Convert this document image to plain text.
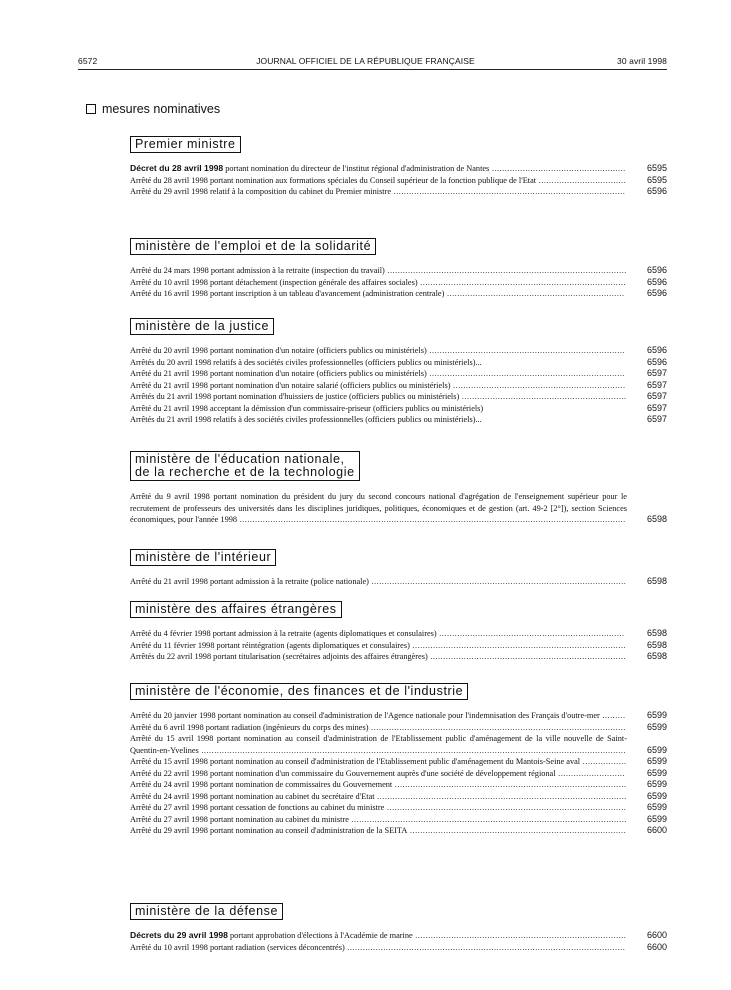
6572	JOURNAL OFFICIEL DE LA RÉPUBLIQUE FRANÇAISE	30 avril 1998
mesures nominatives
Premier ministre
Décret du 28 avril 1998 portant nomination du directeur de l'institut régional d'administration de Nantes ....................................................	6595
Arrêté du 28 avril 1998 portant nomination aux formations spéciales du Conseil supérieur de la fonction publique de l'Etat ..................................	6595
Arrêté du 29 avril 1998 relatif à la composition du cabinet du Premier ministre ..........................................................................................	6596
ministère de l'emploi et de la solidarité
Arrêté du 24 mars 1998 portant admission à la retraite (inspection du travail) .............................................................................................	6596
Arrêté du 10 avril 1998 portant détachement (inspection générale des affaires sociales) ................................................................................	6596
Arrêté du 16 avril 1998 portant inscription à un tableau d'avancement (administration centrale) .....................................................................	6596
ministère de la justice
Arrêté du 20 avril 1998 portant nomination d'un notaire (officiers publics ou ministériels) ............................................................................	6596
Arrêtés du 20 avril 1998 relatifs à des sociétés civiles professionnelles (officiers publics ou ministériels)...	6596
Arrêté du 21 avril 1998 portant nomination d'un notaire (officiers publics ou ministériels) ............................................................................	6597
Arrêté du 21 avril 1998 portant nomination d'un notaire salarié (officiers publics ou ministériels) ...................................................................	6597
Arrêtés du 21 avril 1998 portant nomination d'huissiers de justice (officiers publics ou ministériels) ................................................................	6597
Arrêté du 21 avril 1998 acceptant la démission d'un commissaire-priseur (officiers publics ou ministériels)	6597
Arrêtés du 21 avril 1998 relatifs à des sociétés civiles professionnelles (officiers publics ou ministériels)...	6597
ministère de l'éducation nationale,
de la recherche et de la technologie
Arrêté du 9 avril 1998 portant nomination du président du jury du second concours national d'agrégation de l'enseignement supérieur pour le recrutement de professeurs des universités dans les disciplines juridiques, politiques, économiques et de gestion (art. 49-2 [2°]), section Sciences économiques, pour l'année 1998 ......................................................................................................................................................	6598
ministère de l'intérieur
Arrêté du 21 avril 1998 portant admission à la retraite (police nationale) ...................................................................................................	6598
ministère des affaires étrangères
Arrêté du 4 février 1998 portant admission à la retraite (agents diplomatiques et consulaires) ........................................................................	6598
Arrêté du 11 février 1998 portant réintégration (agents diplomatiques et consulaires) ...................................................................................	6598
Arrêtés du 22 avril 1998 portant titularisation (secrétaires adjoints des affaires étrangères) ............................................................................	6598
ministère de l'économie, des finances et de l'industrie
Arrêté du 20 janvier 1998 portant nomination au conseil d'administration de l'Agence nationale pour l'indemnisation des Français d'outre-mer .........	6599
Arrêté du 6 avril 1998 portant radiation (ingénieurs du corps des mines) ...................................................................................................	6599
Arrêté du 15 avril 1998 portant nomination au conseil d'administration de l'Etablissement public d'aménagement de la ville nouvelle de Saint-Quentin-en-Yvelines .....................................................................................................................................................................	6599
Arrêté du 15 avril 1998 portant nomination au conseil d'administration de l'Etablissement public d'aménagement du Mantois-Seine aval .................	6599
Arrêté du 22 avril 1998 portant nomination d'un commissaire du Gouvernement auprès d'une société de développement régional ..........................	6599
Arrêté du 24 avril 1998 portant nomination de commissaires du Gouvernement ..........................................................................................	6599
Arrêté du 24 avril 1998 portant nomination au cabinet du secrétaire d'Etat .................................................................................................	6599
Arrêté du 27 avril 1998 portant cessation de fonctions au cabinet du ministre .............................................................................................	6599
Arrêté du 27 avril 1998 portant nomination au cabinet du ministre ...........................................................................................................	6599
Arrêté du 29 avril 1998 portant nomination au conseil d'administration de la SEITA ....................................................................................	6600
ministère de la défense
Décrets du 29 avril 1998 portant approbation d'élections à l'Académie de marine ..................................................................................	6600
Arrêté du 10 avril 1998 portant radiation (services déconcentrés) ............................................................................................................	6600
